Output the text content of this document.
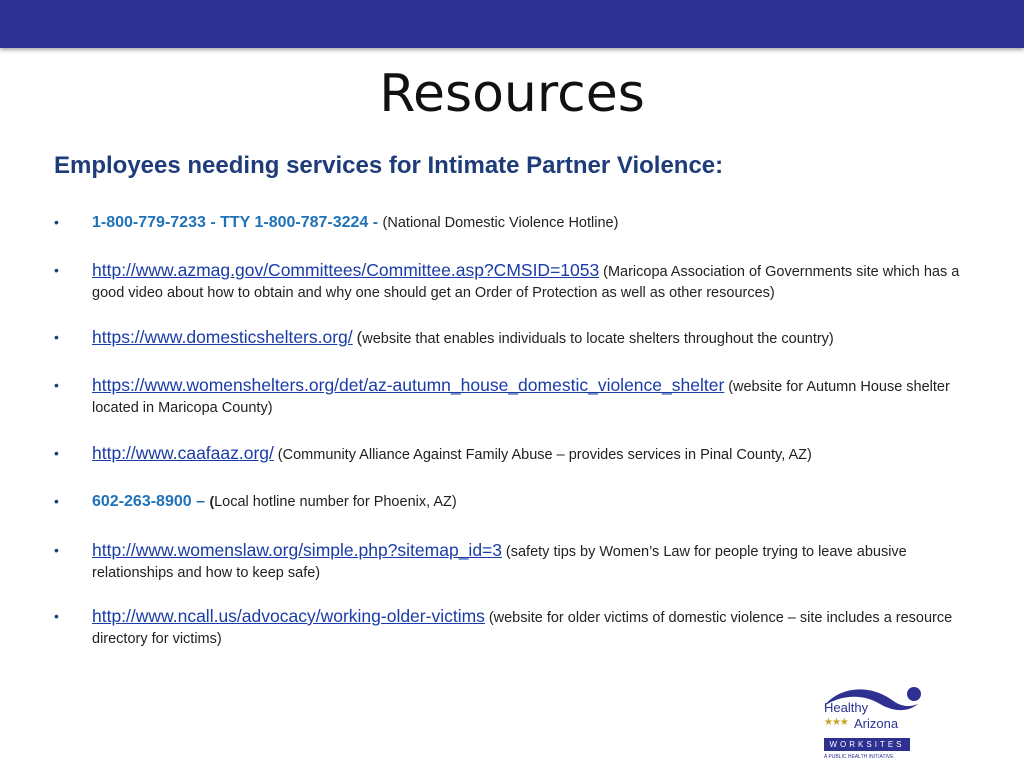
Resources
Employees needing services for Intimate Partner Violence:
• 1-800-779-7233 - TTY 1-800-787-3224 - (National Domestic Violence Hotline)
• http://www.azmag.gov/Committees/Committee.asp?CMSID=1053 (Maricopa Association of Governments site which has a good video about how to obtain and why one should get an Order of Protection as well as other resources)
• https://www.domesticshelters.org/ (website that enables individuals to locate shelters throughout the country)
• https://www.womenshelters.org/det/az-autumn_house_domestic_violence_shelter (website for Autumn House shelter located in Maricopa County)
• http://www.caafaaz.org/ (Community Alliance Against Family Abuse – provides services in Pinal County, AZ)
• 602-263-8900 – (Local hotline number for Phoenix, AZ)
• http://www.womenslaw.org/simple.php?sitemap_id=3 (safety tips by Women’s Law for people trying to leave abusive relationships and how to keep safe)
• http://www.ncall.us/advocacy/working-older-victims (website for older victims of domestic violence – site includes a resource directory for victims)
Healthy
★★★ Arizona
WORKSITES
A PUBLIC HEALTH INITIATIVE
